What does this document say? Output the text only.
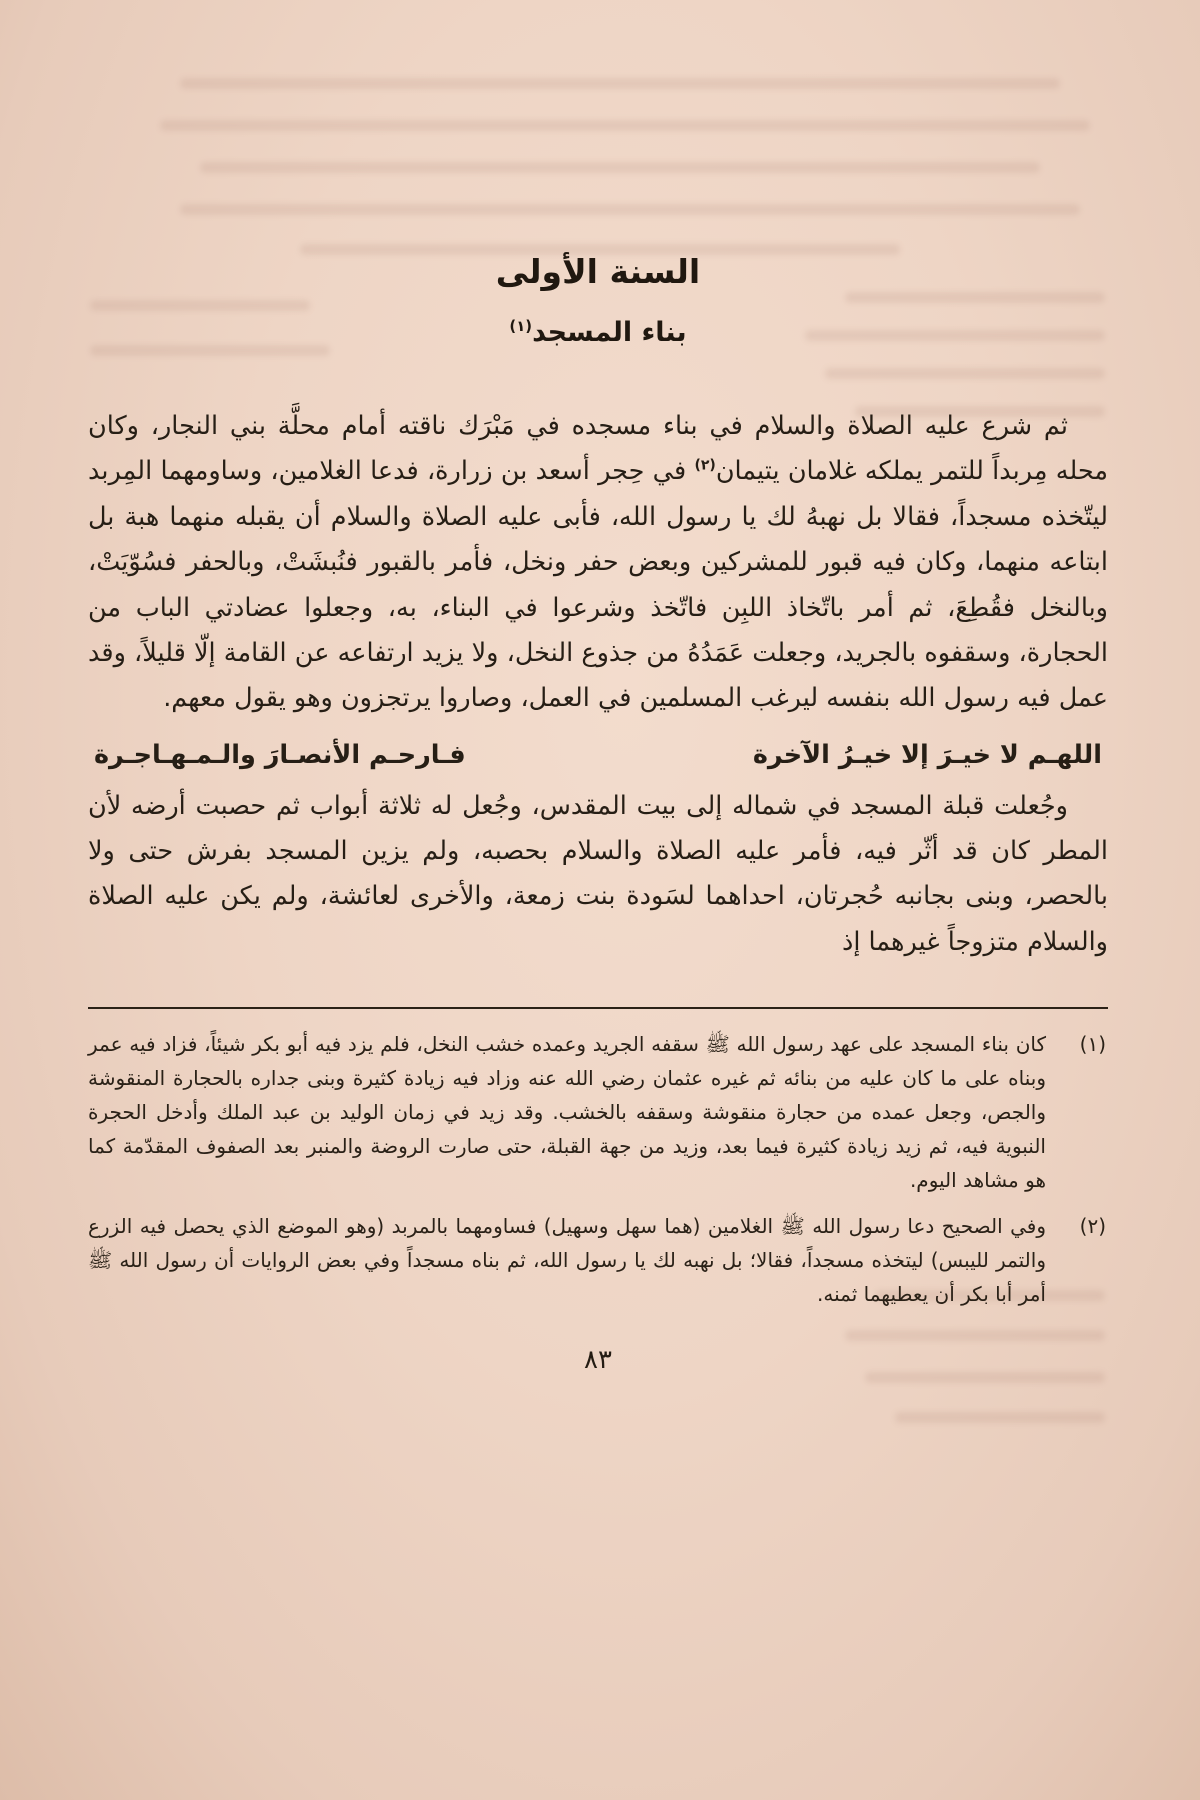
السنة الأولى
بناء المسجد$^{(١)}$

ثم شرع عليه الصلاة والسلام في بناء مسجده في مَبْرَك ناقته أمام محلَّة بني النجار، وكان محله مِربداً للتمر يملكه غلامان يتيمان$^{(٢)}$ في حِجر أسعد بن زرارة، فدعا الغلامين، وساومهما المِربد ليتّخذه مسجداً، فقالا بل نهبهُ لك يا رسول الله، فأبى عليه الصلاة والسلام أن يقبله منهما هبة بل ابتاعه منهما، وكان فيه قبور للمشركين وبعض حفر ونخل، فأمر بالقبور فنُبشَتْ، وبالحفر فسُوّيَتْ، وبالنخل فقُطِعَ، ثم أمر باتّخاذ اللبِن فاتّخذ وشرعوا في البناء، به، وجعلوا عضادتي الباب من الحجارة، وسقفوه بالجريد، وجعلت عَمَدُهُ من جذوع النخل، ولا يزيد ارتفاعه عن القامة إلّا قليلاً، وقد عمل فيه رسول الله بنفسه ليرغب المسلمين في العمل، وصاروا يرتجزون وهو يقول معهم.

اللهـم لا خيـرَ إلا خيـرُ الآخرة
فـارحـم الأنصـارَ والـمـهـاجـرة

وجُعلت قبلة المسجد في شماله إلى بيت المقدس، وجُعل له ثلاثة أبواب ثم حصبت أرضه لأن المطر كان قد أثّر فيه، فأمر عليه الصلاة والسلام بحصبه، ولم يزين المسجد بفرش حتى ولا بالحصر، وبنى بجانبه حُجرتان، احداهما لسَودة بنت زمعة، والأخرى لعائشة، ولم يكن عليه الصلاة والسلام متزوجاً غيرهما إذ

(١)
كان بناء المسجد على عهد رسول الله ﷺ سقفه الجريد وعمده خشب النخل، فلم يزد فيه أبو بكر شيئاً، فزاد فيه عمر وبناه على ما كان عليه من بنائه ثم غيره عثمان رضي الله عنه وزاد فيه زيادة كثيرة وبنى جداره بالحجارة المنقوشة والجص، وجعل عمده من حجارة منقوشة وسقفه بالخشب. وقد زيد في زمان الوليد بن عبد الملك وأدخل الحجرة النبوية فيه، ثم زيد زيادة كثيرة فيما بعد، وزيد من جهة القبلة، حتى صارت الروضة والمنبر بعد الصفوف المقدّمة كما هو مشاهد اليوم.
(٢)
وفي الصحيح دعا رسول الله ﷺ الغلامين (هما سهل وسهيل) فساومهما بالمربد (وهو الموضع الذي يحصل فيه الزرع والتمر لليبس) ليتخذه مسجداً، فقالا؛ بل نهبه لك يا رسول الله، ثم بناه مسجداً وفي بعض الروايات أن رسول الله ﷺ أمر أبا بكر أن يعطيهما ثمنه.
٨٣
